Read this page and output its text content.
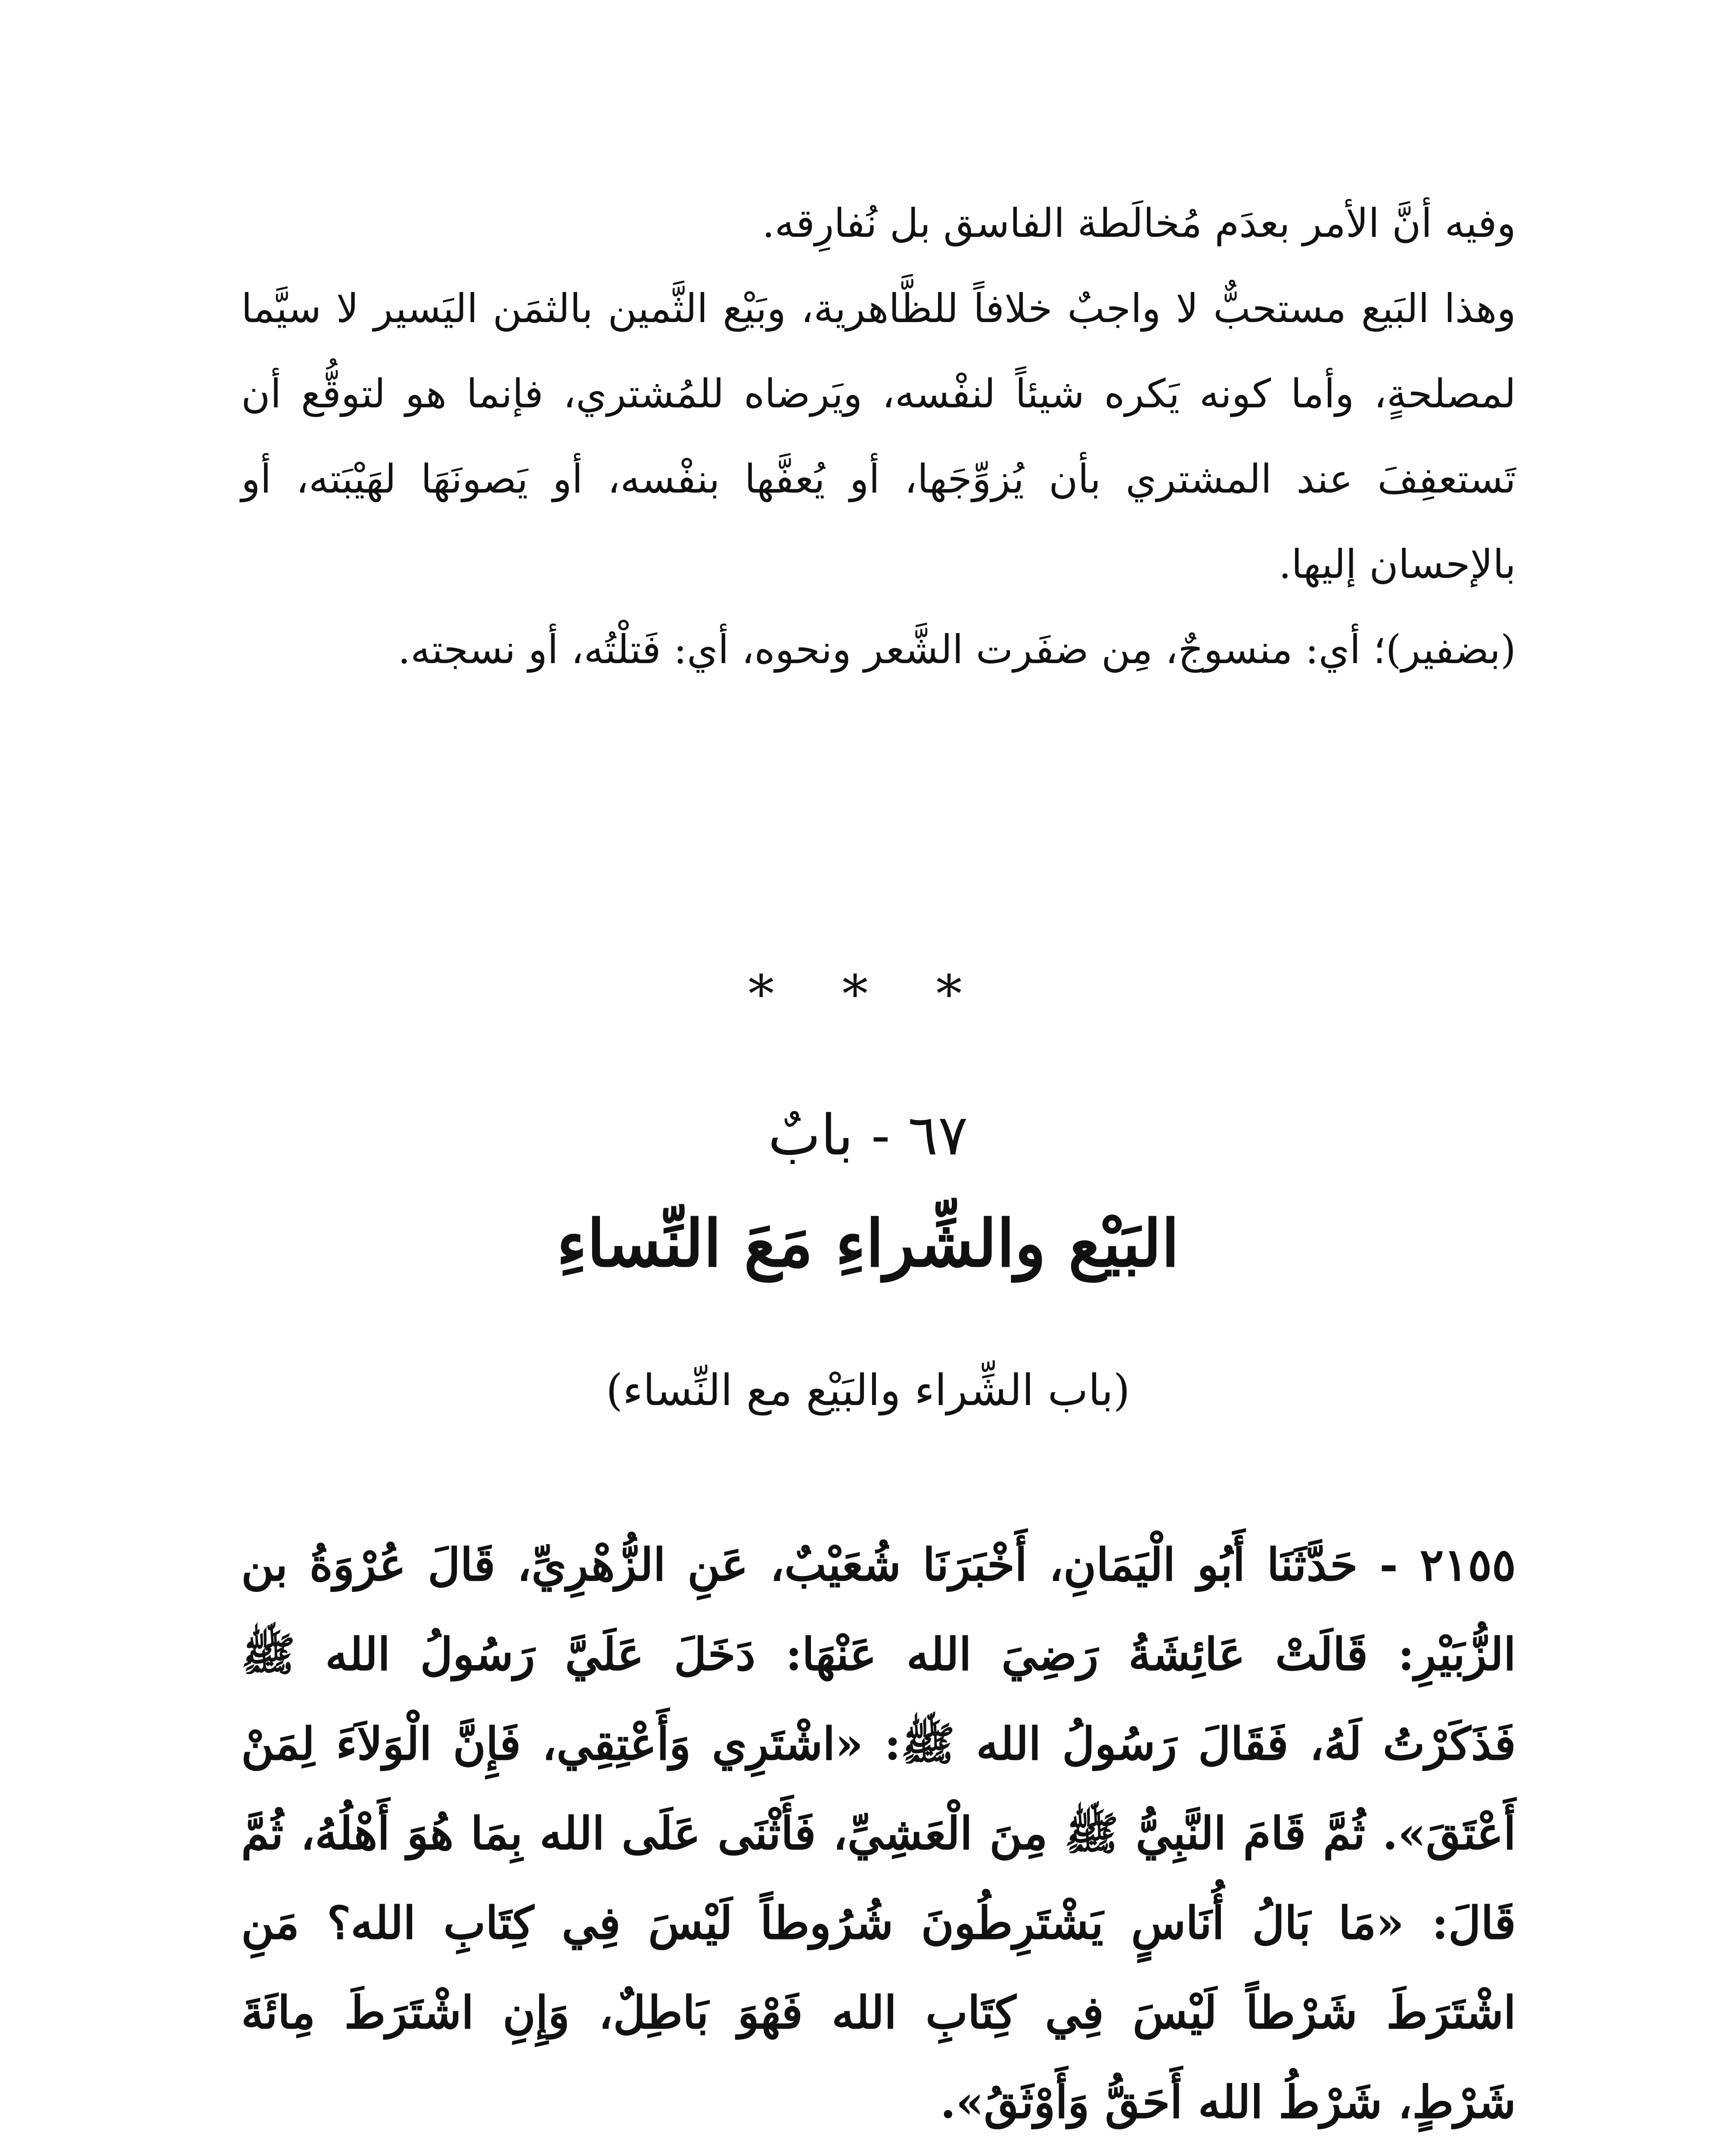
وفيه أنَّ الأمر بعدَم مُخالَطة الفاسق بل نُفارِقه.

وهذا البَيع مستحبٌّ لا واجبٌ خلافاً للظَّاهرية، وبَيْع الثَّمين بالثمَن اليَسير لا سيَّما لمصلحةٍ، وأما كونه يَكره شيئاً لنفْسه، ويَرضاه للمُشتري، فإنما هو لتوقُّع أن تَستعفِفَ عند المشتري بأن يُزوِّجَها، أو يُعفَّها بنفْسه، أو يَصونَهَا لهَيْبَته، أو بالإحسان إليها.

(بضفير)؛ أي: منسوجٌ، مِن ضفَرت الشَّعر ونحوه، أي: فَتلْتُه، أو نسجته.

* * *
٦٧ - بابٌ
البَيْع والشِّراءِ مَعَ النِّساءِ
(باب الشِّراء والبَيْع مع النِّساء)

٢١٥٥ - حَدَّثَنَا أَبُو الْيَمَانِ، أَخْبَرَنَا شُعَيْبٌ، عَنِ الزُّهْرِيِّ، قَالَ عُرْوَةُ بن الزُّبَيْرِ: قَالَتْ عَائِشَةُ رَضِيَ الله عَنْهَا: دَخَلَ عَلَيَّ رَسُولُ الله ﷺ فَذَكَرْتُ لَهُ، فَقَالَ رَسُولُ الله ﷺ: «اشْتَرِي وَأَعْتِقِي، فَإِنَّ الْوَلاَءَ لِمَنْ أَعْتَقَ». ثُمَّ قَامَ النَّبِيُّ ﷺ مِنَ الْعَشِيِّ، فَأَثْنَى عَلَى الله بِمَا هُوَ أَهْلُهُ، ثُمَّ قَالَ: «مَا بَالُ أُنَاسٍ يَشْتَرِطُونَ شُرُوطاً لَيْسَ فِي كِتَابِ الله؟ مَنِ اشْتَرَطَ شَرْطاً لَيْسَ فِي كِتَابِ الله فَهْوَ بَاطِلٌ، وَإِنِ اشْتَرَطَ مِائَةَ شَرْطٍ، شَرْطُ الله أَحَقُّ وَأَوْثَقُ».
